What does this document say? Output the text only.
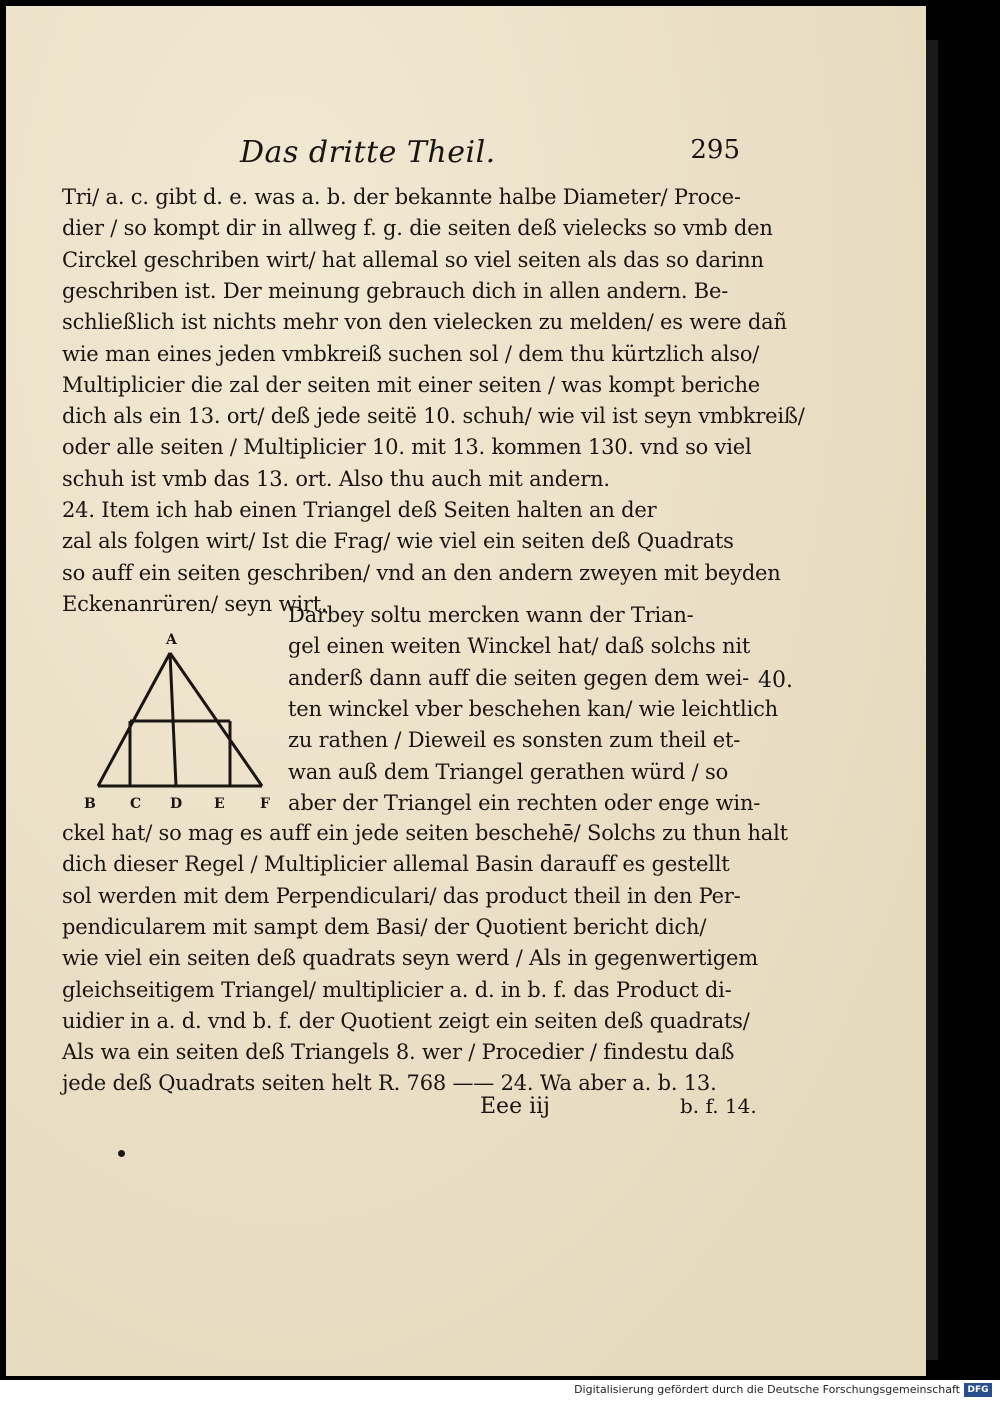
Das dritte Theil.	295
Tri/ a. c. gibt d. e. was a. b. der bekannte halbe Diameter/ Proce-
dier / so kompt dir in allweg f. g. die seiten deß vielecks so vmb den
Circkel geschriben wirt/ hat allemal so viel seiten als das so darinn
geschriben ist. Der meinung gebrauch dich in allen andern. Be-
schließlich ist nichts mehr von den vielecken zu melden/ es were dañ
wie man eines jeden vmbkreiß suchen sol / dem thu kürtzlich also/
Multiplicier die zal der seiten mit einer seiten / was kompt beriche
dich als ein 13. ort/ deß jede seitë 10. schuh/ wie vil ist seyn vmbkreiß/
oder alle seiten / Multiplicier 10. mit 13. kommen 130. vnd so viel
schuh ist vmb das 13. ort. Also thu auch mit andern.
24. Item ich hab einen Triangel deß Seiten halten an der
zal als folgen wirt/ Ist die Frag/ wie viel ein seiten deß Quadrats
so auff ein seiten geschriben/ vnd an den andern zweyen mit beyden
Eckenanrüren/ seyn wirt.
Darbey soltu mercken wann der Trian-
gel einen weiten Winckel hat/ daß solchs nit
anderß dann auff die seiten gegen dem wei-
ten winckel vber beschehen kan/ wie leichtlich
zu rathen / Dieweil es sonsten zum theil et-
wan auß dem Triangel gerathen würd / so
aber der Triangel ein rechten oder enge win-
ckel hat/ so mag es auff ein jede seiten beschehē/ Solchs zu thun halt
dich dieser Regel / Multiplicier allemal Basin darauff es gestellt
sol werden mit dem Perpendiculari/ das product theil in den Per-
pendicularem mit sampt dem Basi/ der Quotient bericht dich/
wie viel ein seiten deß quadrats seyn werd / Als in gegenwertigem
gleichseitigem Triangel/ multiplicier a. d. in b. f. das Product di-
uidier in a. d. vnd b. f. der Quotient zeigt ein seiten deß quadrats/
Als wa ein seiten deß Triangels 8. wer / Procedier / findestu daß
jede deß Quadrats seiten helt R. 768 —— 24. Wa aber a. b. 13.
40.
A
B C D E	F
Eee iij	b. f. 14.
Digitalisierung gefördert durch die Deutsche Forschungsgemeinschaft DFG
